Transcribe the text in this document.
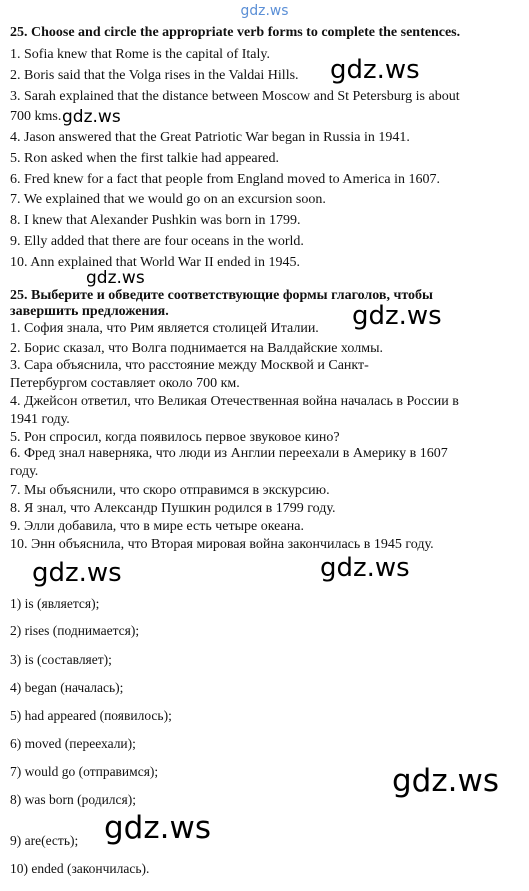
gdz.ws
25. Choose and circle the appropriate verb forms to complete the sentences.
1. Sofia knew that Rome is the capital of Italy.
2. Boris said that the Volga rises in the Valdai Hills.
3. Sarah explained that the distance between Moscow and St Petersburg is about
700 kms.
4. Jason answered that the Great Patriotic War began in Russia in 1941.
5. Ron asked when the first talkie had appeared.
6. Fred knew for a fact that people from England moved to America in 1607.
7. We explained that we would go on an excursion soon.
8. I knew that Alexander Pushkin was born in 1799.
9. Elly added that there are four oceans in the world.
10. Ann explained that World War II ended in 1945.
25. Выберите и обведите соответствующие формы глаголов, чтобы
завершить предложения.
1. София знала, что Рим является столицей Италии.
2. Борис сказал, что Волга поднимается на Валдайские холмы.
3. Сара объяснила, что расстояние между Москвой и Санкт-
Петербургом составляет около 700 км.
4. Джейсон ответил, что Великая Отечественная война началась в России в
1941 году.
5. Рон спросил, когда появилось первое звуковое кино?
6. Фред знал наверняка, что люди из Англии переехали в Америку в 1607
году.
7. Мы объяснили, что скоро отправимся в экскурсию.
8. Я знал, что Александр Пушкин родился в 1799 году.
9. Элли добавила, что в мире есть четыре океана.
10. Энн объяснила, что Вторая мировая война закончилась в 1945 году.
1) is (является);
2) rises (поднимается);
3) is (составляет);
4) began (началась);
5) had appeared (появилось);
6) moved (переехали);
7) would go (отправимся);
8) was born (родился);
9) are(есть);
10) ended (закончилась).
gdz.ws
gdz.ws
gdz.ws
gdz.ws
gdz.ws	gdz.ws
gdz.ws
gdz.ws
